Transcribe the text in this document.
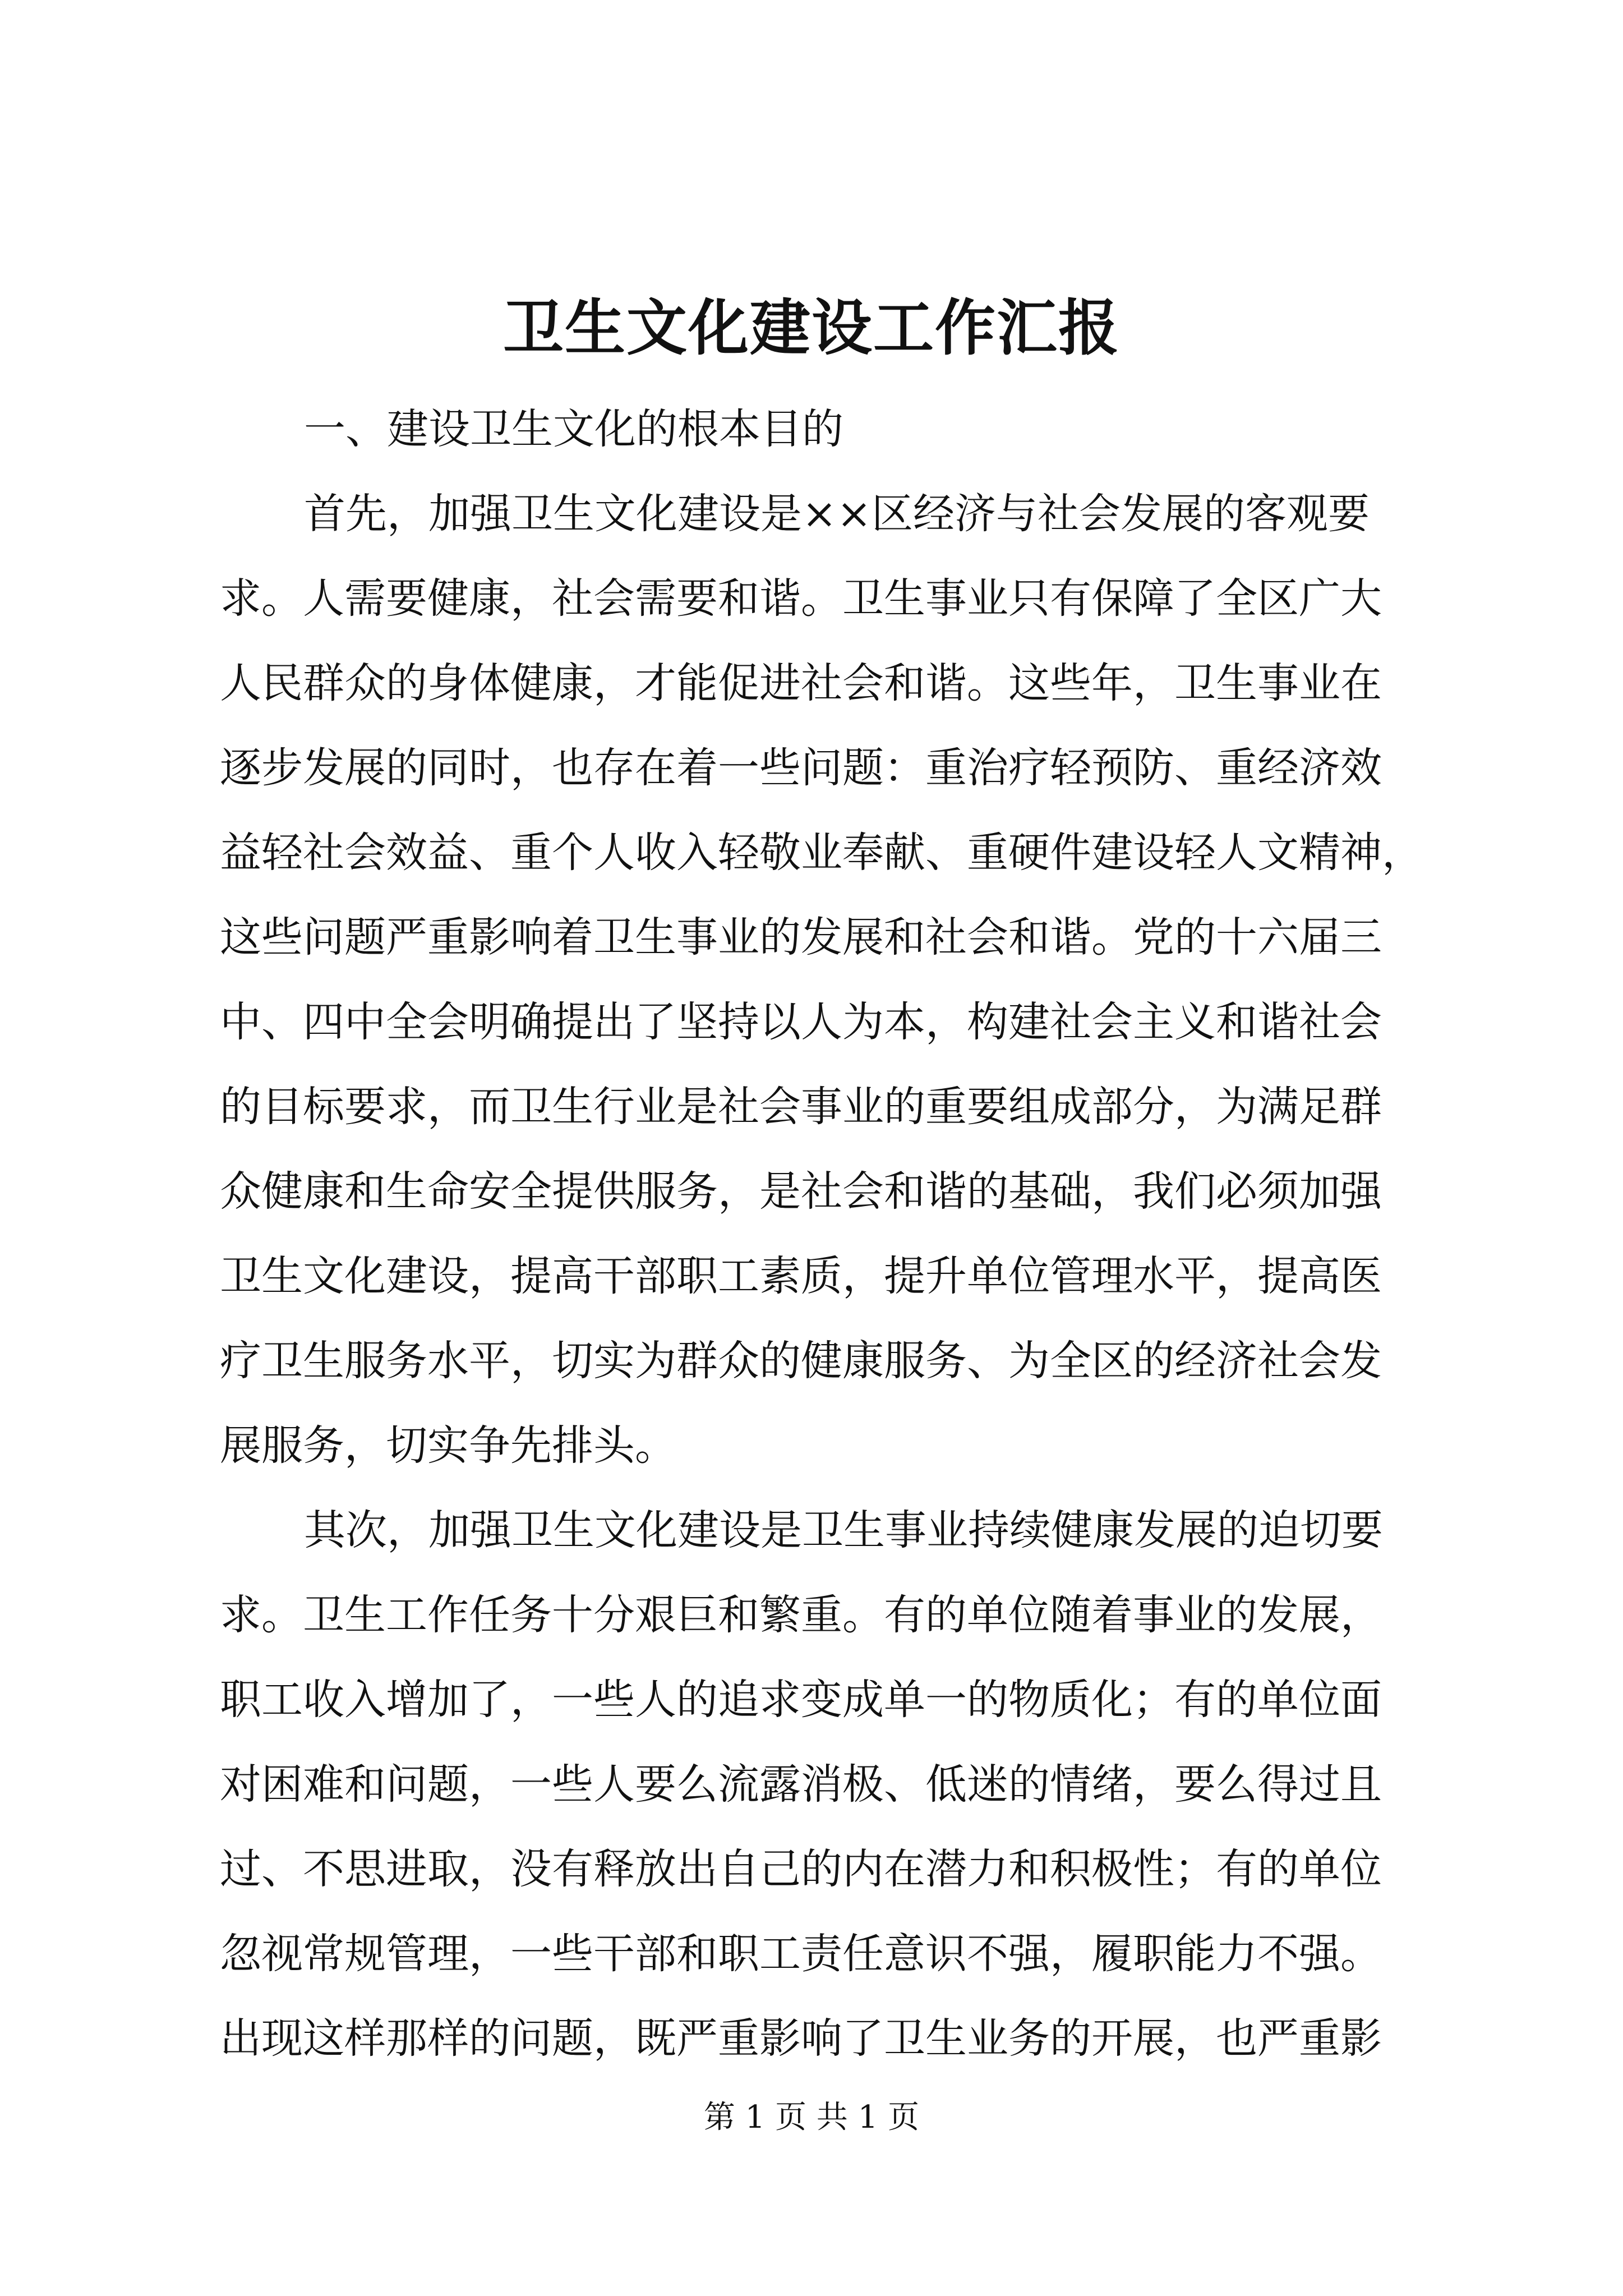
卫生文化建设工作汇报
一、建设卫生文化的根本目的
首先，加强卫生文化建设是××区经济与社会发展的客观要
求。人需要健康，社会需要和谐。卫生事业只有保障了全区广大
人民群众的身体健康，才能促进社会和谐。这些年，卫生事业在
逐步发展的同时，也存在着一些问题：重治疗轻预防、重经济效
益轻社会效益、重个人收入轻敬业奉献、重硬件建设轻人文精神，
这些问题严重影响着卫生事业的发展和社会和谐。党的十六届三
中、四中全会明确提出了坚持以人为本，构建社会主义和谐社会
的目标要求，而卫生行业是社会事业的重要组成部分，为满足群
众健康和生命安全提供服务，是社会和谐的基础，我们必须加强
卫生文化建设，提高干部职工素质，提升单位管理水平，提高医
疗卫生服务水平，切实为群众的健康服务、为全区的经济社会发
展服务，切实争先排头。
其次，加强卫生文化建设是卫生事业持续健康发展的迫切要
求。卫生工作任务十分艰巨和繁重。有的单位随着事业的发展，
职工收入增加了，一些人的追求变成单一的物质化；有的单位面
对困难和问题，一些人要么流露消极、低迷的情绪，要么得过且
过、不思进取，没有释放出自己的内在潜力和积极性；有的单位
忽视常规管理，一些干部和职工责任意识不强，履职能力不强。
出现这样那样的问题，既严重影响了卫生业务的开展，也严重影
第 1 页 共 1 页
